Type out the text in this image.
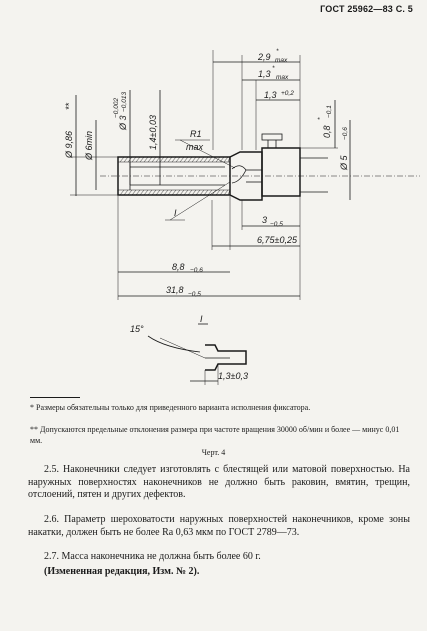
ГОСТ 25962—83 С. 5
2,9
*
max
1,3
*
max
1,3 +0,2
0,8
*
−0,1
Ø 5
−0,6
Ø 9,86
**
Ø 6min
Ø 3
−0,002 −0,013
1,4±0,03	R1
max
I
3 −0,5
6,75±0,25
8,8 −0,6
31,8 −0,5
I
15°
1,3±0,3
* Размеры обязательны только для приведенного варианта исполнения фиксатора.
** Допускаются предельные отклонения размера при частоте вращения 30000 об/мин и более — минус 0,01 мм.
Черт. 4
2.5. Наконечники следует изготовлять с блестящей или матовой поверхностью. На наружных поверхностях наконечников не должно быть раковин, вмятин, трещин, отслоений, пятен и других дефектов.
2.6. Параметр шероховатости наружных поверхностей наконечников, кроме зоны накатки, должен быть не более Ra 0,63 мкм по ГОСТ 2789—73.
2.7. Масса наконечника не должна быть более 60 г.
(Измененная редакция, Изм. № 2).
